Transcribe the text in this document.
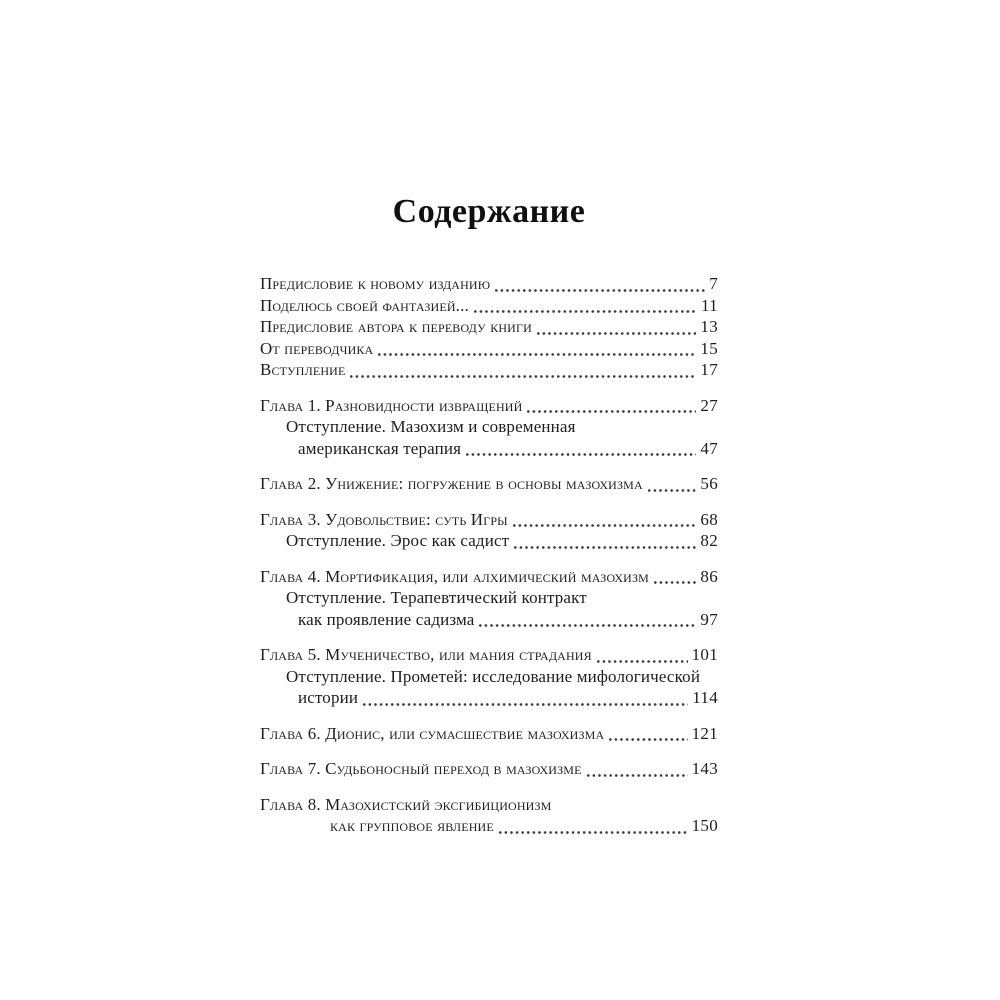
Содержание
Предисловие к новому изданию	7
Поделюсь своей фантазией...	11
Предисловие автора к переводу книги	13
От переводчика	15
Вступление	17
Глава 1. Разновидности извращений	27
Отступление. Мазохизм и современная
американская терапия	47
Глава 2. Унижение: погружение в основы мазохизма	56
Глава 3. Удовольствие: суть Игры	68
Отступление. Эрос как садист	82
Глава 4. Мортификация, или алхимический мазохизм	86
Отступление. Терапевтический контракт
как проявление садизма	97
Глава 5. Мученичество, или мания страдания	101
Отступление. Прометей: исследование мифологической
истории	114
Глава 6. Дионис, или сумасшествие мазохизма	121
Глава 7. Судьбоносный переход в мазохизме	143
Глава 8. Мазохистский эксгибиционизм
как групповое явление	150
